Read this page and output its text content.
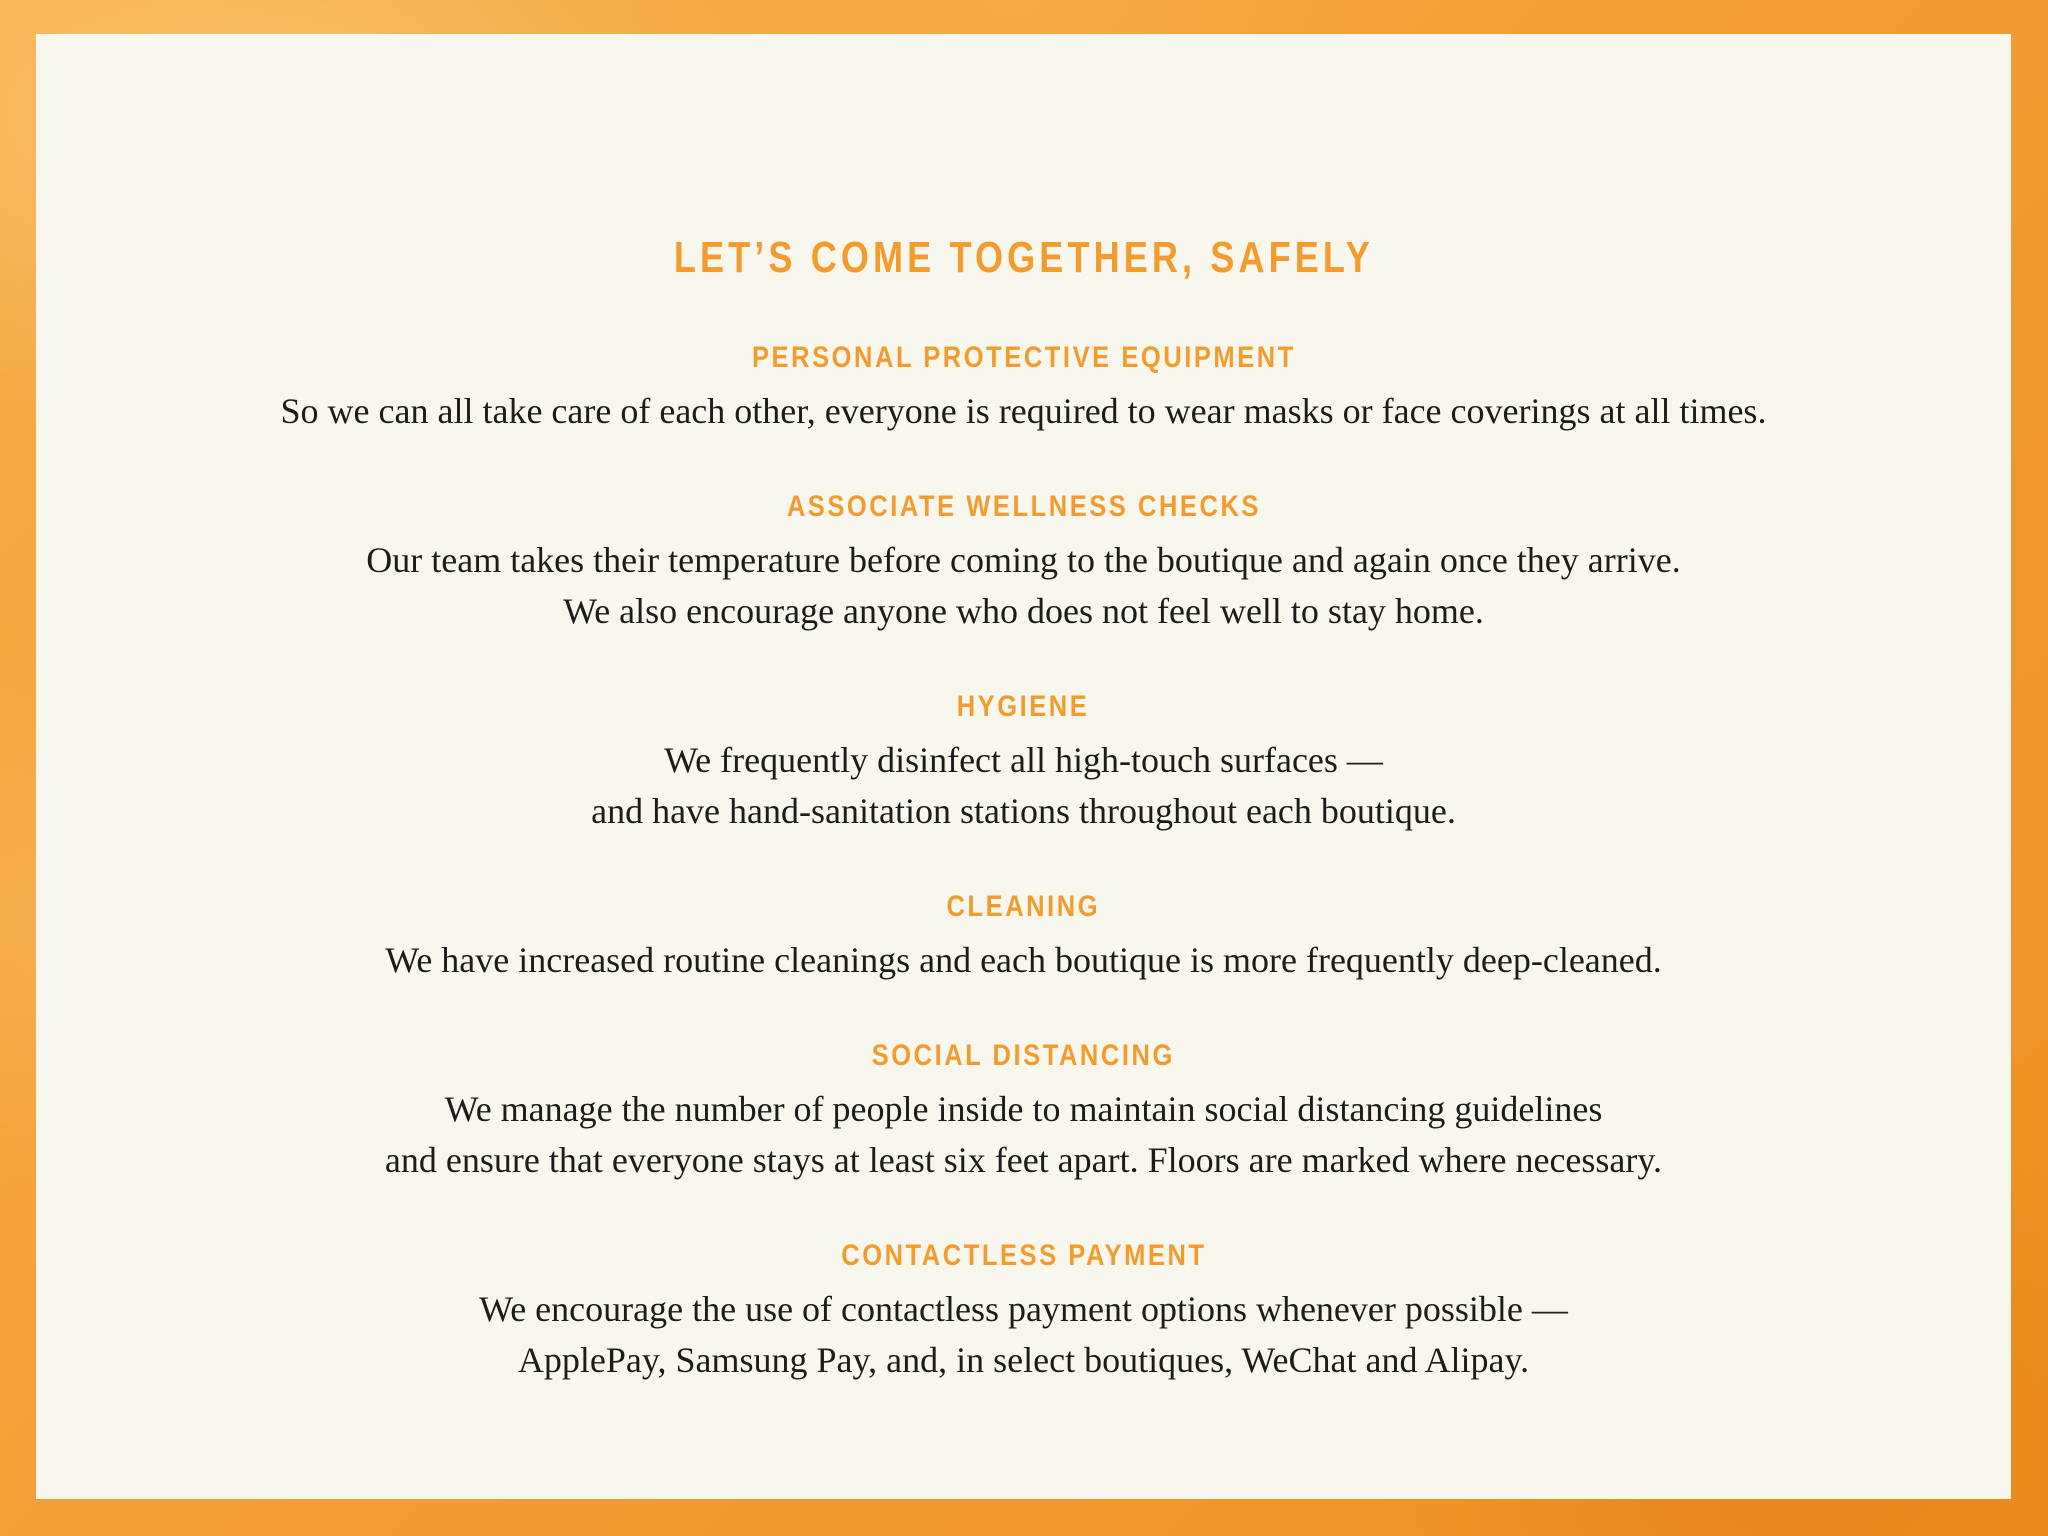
LET’S COME TOGETHER, SAFELY
PERSONAL PROTECTIVE EQUIPMENT

So we can all take care of each other, everyone is required to wear masks or face coverings at all times.

ASSOCIATE WELLNESS CHECKS

Our team takes their temperature before coming to the boutique and again once they arrive.

We also encourage anyone who does not feel well to stay home.

HYGIENE

We frequently disinfect all high-touch surfaces —

and have hand-sanitation stations throughout each boutique.

CLEANING

We have increased routine cleanings and each boutique is more frequently deep-cleaned.

SOCIAL DISTANCING

We manage the number of people inside to maintain social distancing guidelines

and ensure that everyone stays at least six feet apart. Floors are marked where necessary.

CONTACTLESS PAYMENT

We encourage the use of contactless payment options whenever possible —

ApplePay, Samsung Pay, and, in select boutiques, WeChat and Alipay.
